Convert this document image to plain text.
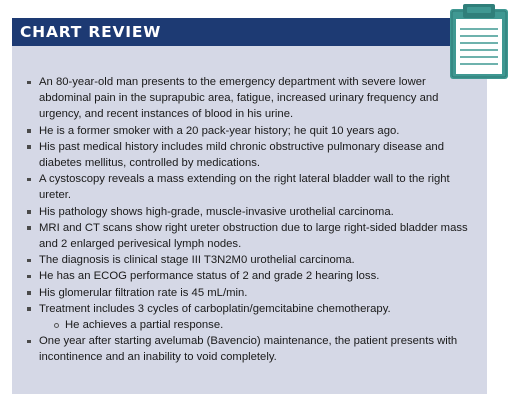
CHART REVIEW
An 80-year-old man presents to the emergency department with severe lower abdominal pain in the suprapubic area, fatigue, increased urinary frequency and urgency, and recent instances of blood in his urine.
He is a former smoker with a 20 pack-year history; he quit 10 years ago.
His past medical history includes mild chronic obstructive pulmonary disease and diabetes mellitus, controlled by medications.
A cystoscopy reveals a mass extending on the right lateral bladder wall to the right ureter.
His pathology shows high-grade, muscle-invasive urothelial carcinoma.
MRI and CT scans show right ureter obstruction due to large right-sided bladder mass and 2 enlarged perivesical lymph nodes.
The diagnosis is clinical stage III T3N2M0 urothelial carcinoma.
He has an ECOG performance status of 2 and grade 2 hearing loss.
His glomerular filtration rate is 45 mL/min.
Treatment includes 3 cycles of carboplatin/gemcitabine chemotherapy.
He achieves a partial response.
One year after starting avelumab (Bavencio) maintenance, the patient presents with incontinence and an inability to void completely.
